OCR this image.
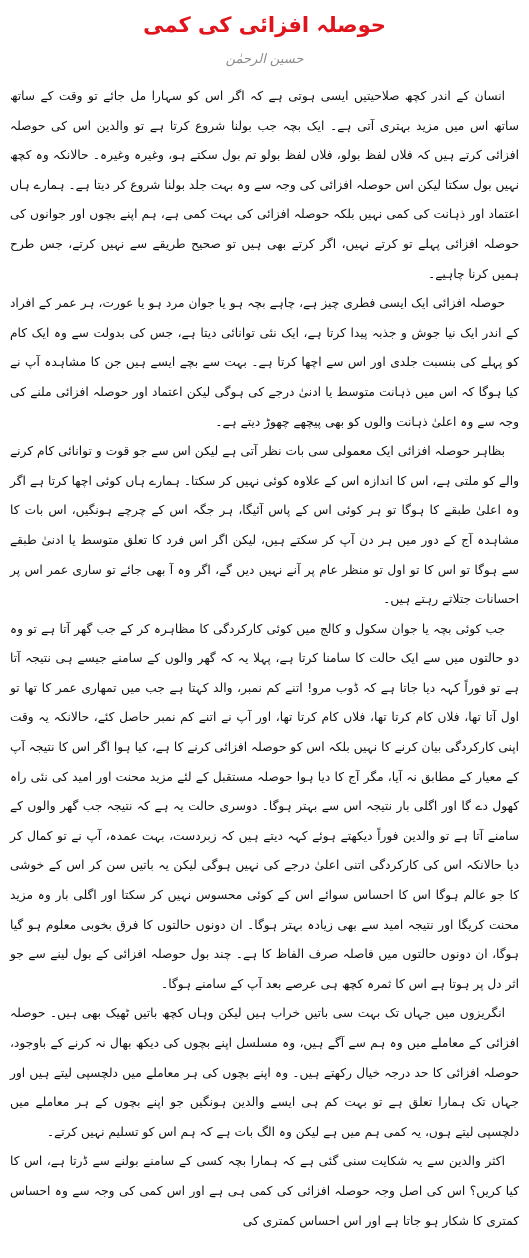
حوصلہ افزائی کی کمی
حسین الرحمٰن

انسان کے اندر کچھ صلاحیتیں ایسی ہوتی ہے کہ اگر اس کو سہارا مل جائے تو وقت کے ساتھ ساتھ اس میں مزید بہتری آتی ہے۔ ایک بچہ جب بولنا شروع کرتا ہے تو والدین اس کی حوصلہ افزائی کرتے ہیں کہ فلاں لفظ بولو، فلاں لفظ بولو تم بول سکتے ہو، وغیرہ وغیرہ۔ حالانکہ وہ کچھ نہیں بول سکتا لیکن اس حوصلہ افزائی کی وجہ سے وہ بہت جلد بولنا شروع کر دیتا ہے۔ ہمارے ہاں اعتماد اور ذہانت کی کمی نہیں بلکہ حوصلہ افزائی کی بہت کمی ہے، ہم اپنے بچوں اور جوانوں کی حوصلہ افزائی پہلے تو کرتے نہیں، اگر کرتے بھی ہیں تو صحیح طریقے سے نہیں کرتے، جس طرح ہمیں کرنا چاہیے۔

حوصلہ افزائی ایک ایسی فطری چیز ہے، چاہے بچہ ہو یا جوان مرد ہو یا عورت، ہر عمر کے افراد کے اندر ایک نیا جوش و جذبہ پیدا کرتا ہے، ایک نئی توانائی دیتا ہے، جس کی بدولت سے وہ ایک کام کو پہلے کی بنسبت جلدی اور اس سے اچھا کرتا ہے۔ بہت سے بچے ایسے ہیں جن کا مشاہدہ آپ نے کیا ہوگا کہ اس میں ذہانت متوسط یا ادنیٰ درجے کی ہوگی لیکن اعتماد اور حوصلہ افزائی ملنے کی وجہ سے وہ اعلیٰ ذہانت والوں کو بھی پیچھے چھوڑ دیتے ہے۔

بظاہر حوصلہ افزائی ایک معمولی سی بات نظر آتی ہے لیکن اس سے جو قوت و توانائی کام کرنے والے کو ملتی ہے، اس کا اندازہ اس کے علاوہ کوئی نہیں کر سکتا۔ ہمارے ہاں کوئی اچھا کرتا ہے اگر وہ اعلیٰ طبقے کا ہوگا تو ہر کوئی اس کے پاس آئیگا، ہر جگہ اس کے چرچے ہونگیں، اس بات کا مشاہدہ آج کے دور میں ہر دن آپ کر سکتے ہیں، لیکن اگر اس فرد کا تعلق متوسط یا ادنیٰ طبقے سے ہوگا تو اس کا تو اول تو منظر عام پر آنے نہیں دیں گے، اگر وہ آ بھی جائے تو ساری عمر اس پر احسانات جتلاتے رہتے ہیں۔

جب کوئی بچہ یا جوان سکول و کالج میں کوئی کارکردگی کا مظاہرہ کر کے جب گھر آتا ہے تو وہ دو حالتوں میں سے ایک حالت کا سامنا کرتا ہے، پہلا یہ کہ گھر والوں کے سامنے جیسے ہی نتیجہ آتا ہے تو فوراً کہہ دیا جاتا ہے کہ ڈوب مرو! اتنے کم نمبر، والد کہتا ہے جب میں تمھاری عمر کا تھا تو اول آتا تھا، فلاں کام کرتا تھا، فلاں کام کرتا تھا، اور آپ نے اتنے کم نمبر حاصل کئے، حالانکہ یہ وقت اپنی کارکردگی بیان کرنے کا نہیں بلکہ اس کو حوصلہ افزائی کرنے کا ہے، کیا ہوا اگر اس کا نتیجہ آپ کے معیار کے مطابق نہ آیا، مگر آج کا دیا ہوا حوصلہ مستقبل کے لئے مزید محنت اور امید کی نئی راہ کھول دے گا اور اگلی بار نتیجہ اس سے بہتر ہوگا۔ دوسری حالت یہ ہے کہ نتیجہ جب گھر والوں کے سامنے آتا ہے تو والدین فوراً دیکھتے ہوئے کہہ دیتے ہیں کہ زبردست، بہت عمدہ، آپ نے تو کمال کر دیا حالانکہ اس کی کارکردگی اتنی اعلیٰ درجے کی نہیں ہوگی لیکن یہ باتیں سن کر اس کے خوشی کا جو عالم ہوگا اس کا احساس سوائے اس کے کوئی محسوس نہیں کر سکتا اور اگلی بار وہ مزید محنت کریگا اور نتیجہ امید سے بھی زیادہ بہتر ہوگا۔ ان دونوں حالتوں کا فرق بخوبی معلوم ہو گیا ہوگا، ان دونوں حالتوں میں فاصلہ صرف الفاظ کا ہے۔ چند بول حوصلہ افزائی کے بول لینے سے جو اثر دل پر ہوتا ہے اس کا ثمرہ کچھ ہی عرصے بعد آپ کے سامنے ہوگا۔

انگریزوں میں جہاں تک بہت سی باتیں خراب ہیں لیکن وہاں کچھ باتیں ٹھیک بھی ہیں۔ حوصلہ افزائی کے معاملے میں وہ ہم سے آگے ہیں، وہ مسلسل اپنے بچوں کی دیکھ بھال نہ کرنے کے باوجود، حوصلہ افزائی کا حد درجہ خیال رکھتے ہیں۔ وہ اپنے بچوں کی ہر معاملے میں دلچسپی لیتے ہیں اور جہاں تک ہمارا تعلق ہے تو بہت کم ہی ایسے والدین ہونگیں جو اپنے بچوں کے ہر معاملے میں دلچسپی لیتے ہوں، یہ کمی ہم میں ہے لیکن وہ الگ بات ہے کہ ہم اس کو تسلیم نہیں کرتے۔

اکثر والدین سے یہ شکایت سنی گئی ہے کہ ہمارا بچہ کسی کے سامنے بولنے سے ڈرتا ہے، اس کا کیا کریں؟ اس کی اصل وجہ حوصلہ افزائی کی کمی ہی ہے اور اس کمی کی وجہ سے وہ احساس کمتری کا شکار ہو جاتا ہے اور اس احساس کمتری کی
